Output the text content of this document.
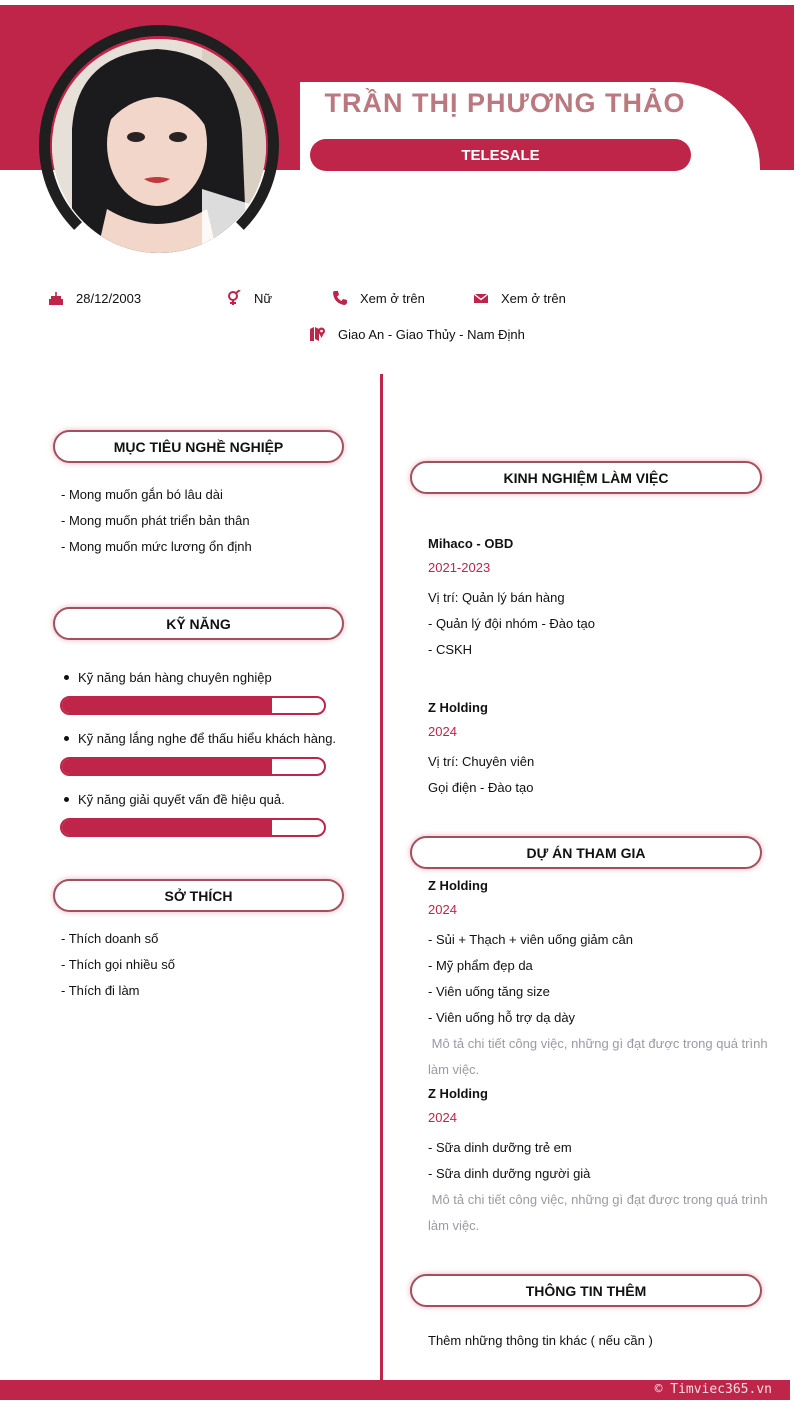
TRẦN THỊ PHƯƠNG THẢO
TELESALE
28/12/2003	Nữ	Xem ở trên	Xem ở trên
Giao An - Giao Thủy - Nam Định
MỤC TIÊU NGHỀ NGHIỆP
- Mong muốn gắn bó lâu dài
- Mong muốn phát triển bản thân
- Mong muốn mức lương ổn định
KỸ NĂNG
Kỹ năng bán hàng chuyên nghiệp
Kỹ năng lắng nghe để thấu hiểu khách hàng.
Kỹ năng giải quyết vấn đề hiệu quả.
SỞ THÍCH
- Thích doanh số
- Thích gọi nhiều số
- Thích đi làm
KINH NGHIỆM LÀM VIỆC
Mihaco - OBD
2021-2023
Vị trí: Quản lý bán hàng
- Quản lý đội nhóm - Đào tạo
- CSKH
Z Holding
2024
Vị trí: Chuyên viên
Gọi điện - Đào tạo
DỰ ÁN THAM GIA
Z Holding
2024
- Sủi + Thạch + viên uống giảm cân
- Mỹ phẩm đẹp da
- Viên uống tăng size
- Viên uống hỗ trợ dạ dày
Mô tả chi tiết công việc, những gì đạt được trong quá trình
làm việc.
Z Holding
2024
- Sữa dinh dưỡng trẻ em
- Sữa dinh dưỡng người già
Mô tả chi tiết công việc, những gì đạt được trong quá trình
làm việc.
THÔNG TIN THÊM
Thêm những thông tin khác ( nếu cần )
© Timviec365.vn
